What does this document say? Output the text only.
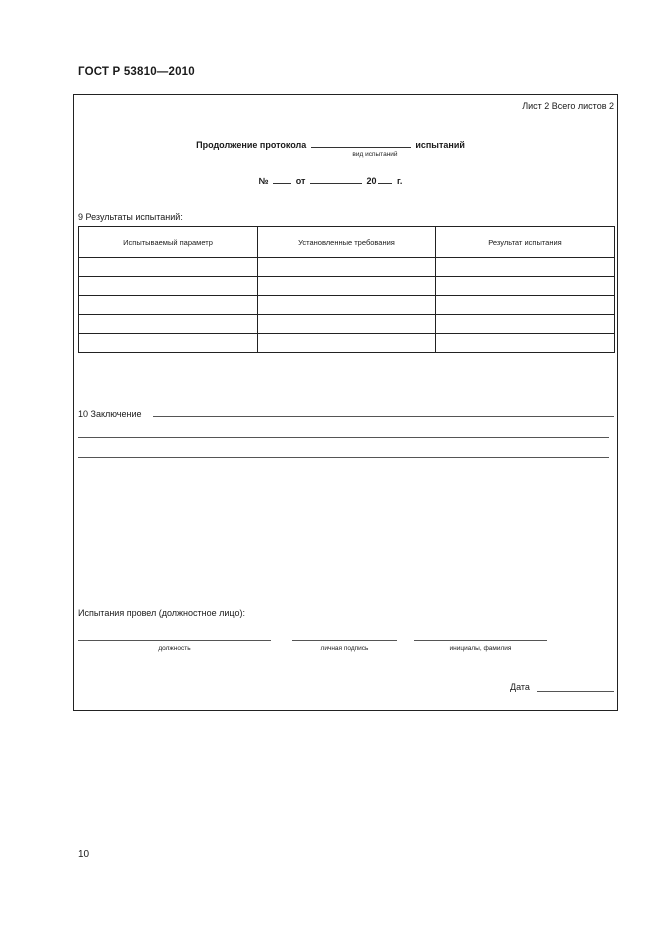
ГОСТ Р 53810—2010
Лист 2 Всего листов 2
Продолжение протокола	испытаний
вид испытаний
№	от	20 г.
9 Результаты испытаний:
Испытываемый параметр	Установленные требования	Результат испытания

10 Заключение
Испытания провел (должностное лицо):
должность	личная подпись	инициалы, фамилия
Дата
10
